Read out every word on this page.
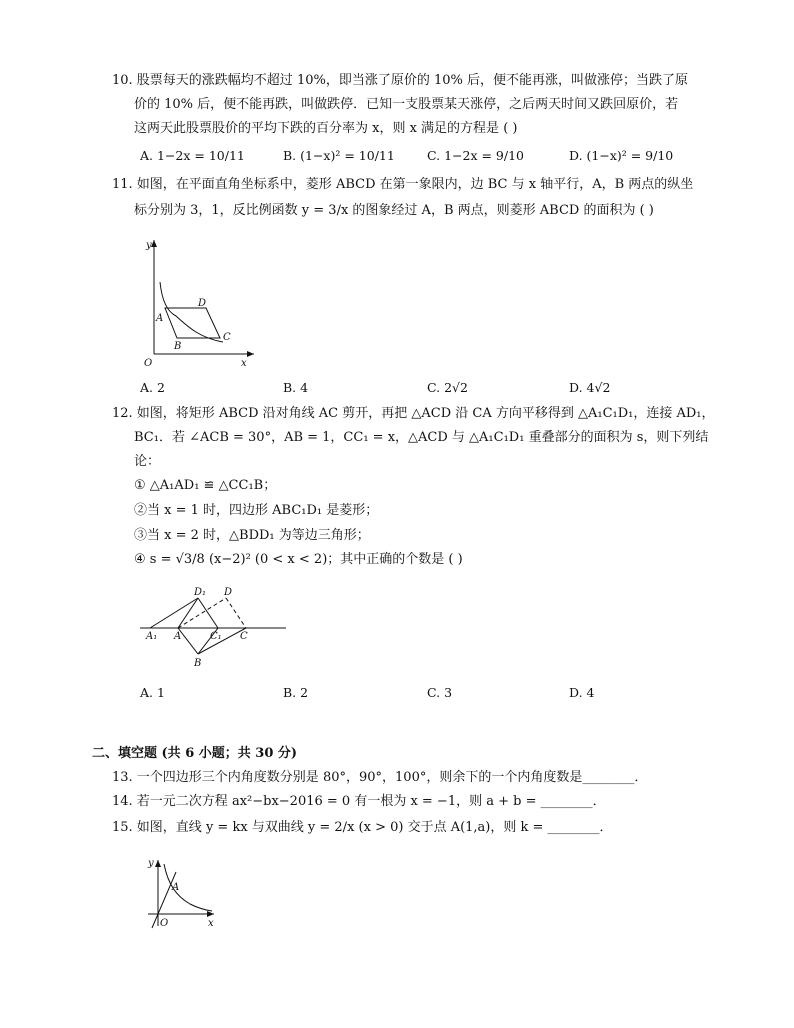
10. 股票每天的涨跌幅均不超过 10%，即当涨了原价的 10% 后，便不能再涨，叫做涨停；当跌了原
价的 10% 后，便不能再跌，叫做跌停．已知一支股票某天涨停，之后两天时间又跌回原价，若
这两天此股票股价的平均下跌的百分率为 x，则 x 满足的方程是 ( )
A. 1−2x = 10/11	B. (1−x)² = 10/11	C. 1−2x = 9/10	D. (1−x)² = 9/10
11. 如图，在平面直角坐标系中，菱形 ABCD 在第一象限内，边 BC 与 x 轴平行，A，B 两点的纵坐
标分别为 3，1，反比例函数 y = 3/x 的图象经过 A，B 两点，则菱形 ABCD 的面积为 ( )
y
x
O
A
B
C
D
A. 2	B. 4	C. 2√2	D. 4√2
12. 如图，将矩形 ABCD 沿对角线 AC 剪开，再把 △ACD 沿 CA 方向平移得到 △A₁C₁D₁，连接 AD₁，
BC₁．若 ∠ACB = 30°，AB = 1，CC₁ = x，△ACD 与 △A₁C₁D₁ 重叠部分的面积为 s，则下列结
论：
① △A₁AD₁ ≌ △CC₁B；
②当 x = 1 时，四边形 ABC₁D₁ 是菱形；
③当 x = 2 时，△BDD₁ 为等边三角形；
④ s = √3/8 (x−2)² (0 < x < 2)；其中正确的个数是 ( )
A₁ A	C₁ C
D₁ D
B
A. 1	B. 2	C. 3	D. 4
二、填空题 (共 6 小题；共 30 分)
13. 一个四边形三个内角度数分别是 80°，90°，100°，则余下的一个内角度数是________．
14. 若一元二次方程 ax²−bx−2016 = 0 有一根为 x = −1，则 a + b = ________．
15. 如图，直线 y = kx 与双曲线 y = 2/x (x > 0) 交于点 A(1,a)，则 k = ________．
y
x
O
A
